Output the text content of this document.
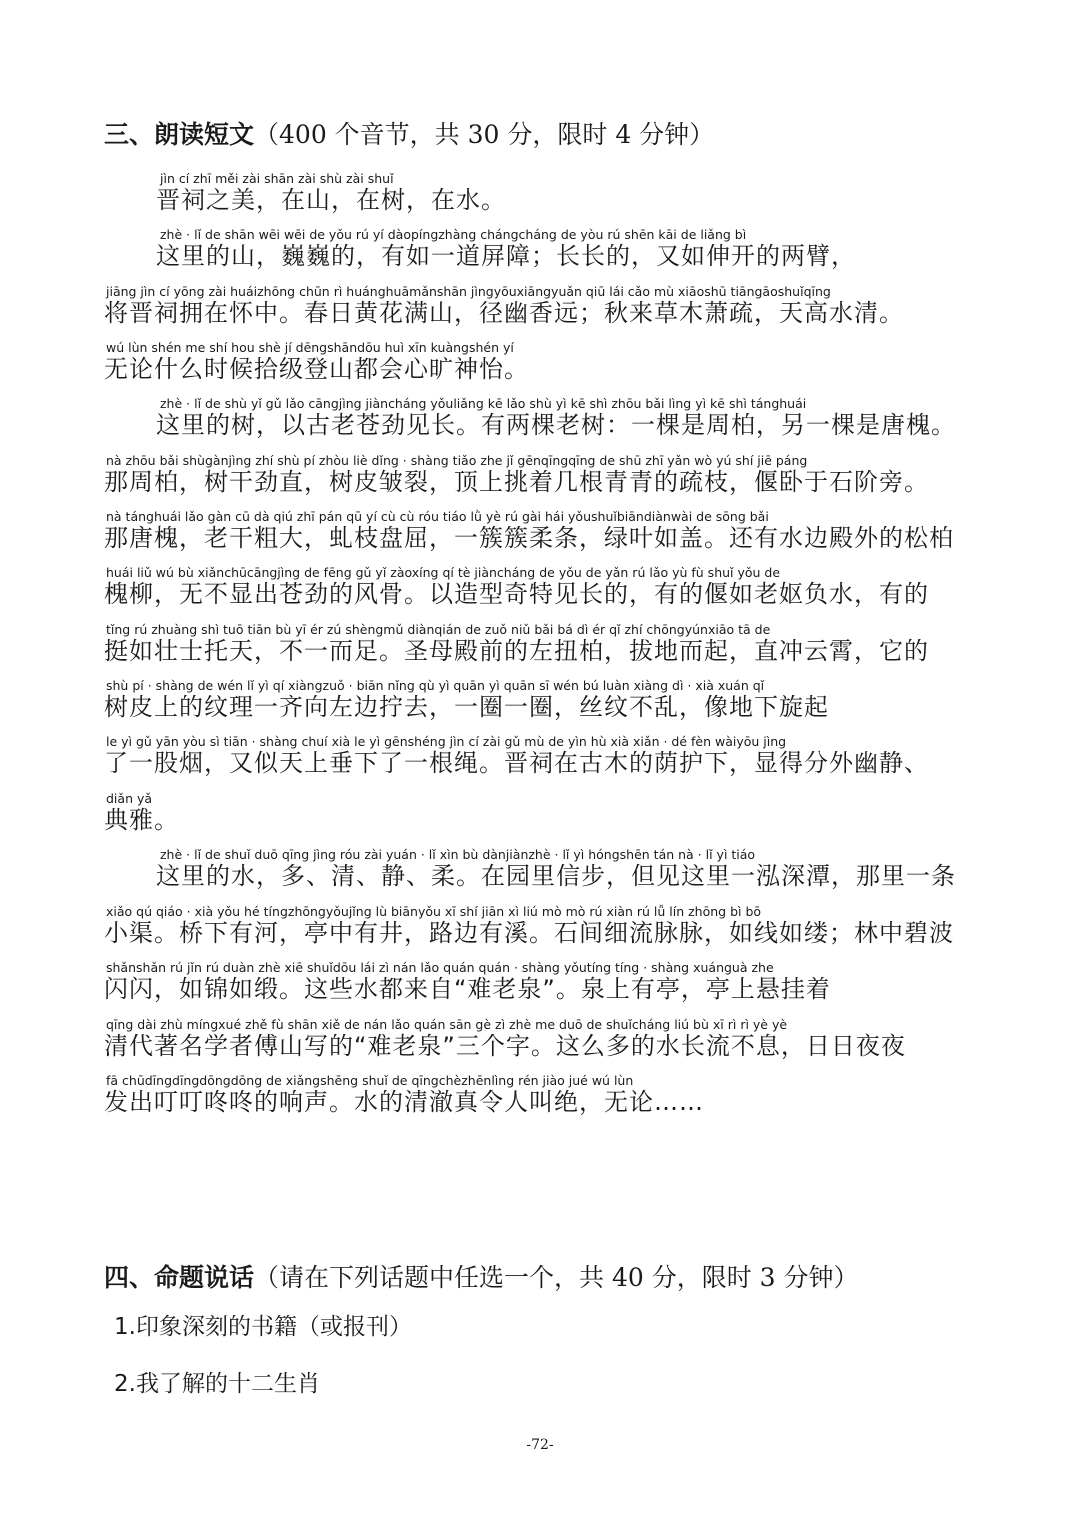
三、朗读短文（400 个音节，共 30 分，限时 4 分钟）
jìn cí zhī měi zài shān zài shù zài shuǐ
晋祠之美，在山，在树，在水。
zhè · lǐ de shān wēi wēi de yǒu rú yí dàopíngzhàng chángcháng de yòu rú shēn kāi de liǎng bì
这里的山，巍巍的，有如一道屏障；长长的，又如伸开的两臂，
jiāng jìn cí yōng zài huáizhōng chūn rì huánghuāmǎnshān jìngyōuxiāngyuǎn qiū lái cǎo mù xiāoshū tiāngāoshuǐqīng
将晋祠拥在怀中。春日黄花满山，径幽香远；秋来草木萧疏，天高水清。
wú lùn shén me shí hou shè jí dēngshāndōu huì xīn kuàngshén yí
无论什么时候拾级登山都会心旷神怡。
zhè · lǐ de shù yǐ gǔ lǎo cāngjìng jiàncháng yǒuliǎng kē lǎo shù yì kē shì zhōu bǎi lìng yì kē shì tánghuái
这里的树，以古老苍劲见长。有两棵老树：一棵是周柏，另一棵是唐槐。
nà zhōu bǎi shùgànjìng zhí shù pí zhòu liè dǐng · shàng tiǎo zhe jǐ gēnqīngqīng de shū zhī yǎn wò yú shí jiē páng
那周柏，树干劲直，树皮皱裂，顶上挑着几根青青的疏枝，偃卧于石阶旁。
nà tánghuái lǎo gàn cū dà qiú zhī pán qū yí cù cù róu tiáo lǜ yè rú gài hái yǒushuǐbiāndiànwài de sōng bǎi
那唐槐，老干粗大，虬枝盘屈，一簇簇柔条，绿叶如盖。还有水边殿外的松柏
huái liǔ wú bù xiǎnchūcāngjìng de fēng gǔ yǐ zàoxíng qí tè jiàncháng de yǒu de yǎn rú lǎo yù fù shuǐ yǒu de
槐柳，无不显出苍劲的风骨。以造型奇特见长的，有的偃如老妪负水，有的
tǐng rú zhuàng shì tuō tiān bù yī ér zú shèngmǔ diànqián de zuǒ niǔ bǎi bá dì ér qǐ zhí chōngyúnxiāo tā de
挺如壮士托天，不一而足。圣母殿前的左扭柏，拔地而起，直冲云霄，它的
shù pí · shàng de wén lǐ yì qí xiàngzuǒ · biān nǐng qù yì quān yì quān sī wén bú luàn xiàng dì · xià xuán qǐ
树皮上的纹理一齐向左边拧去，一圈一圈，丝纹不乱，像地下旋起
le yì gǔ yān yòu sì tiān · shàng chuí xià le yì gēnshéng jìn cí zài gǔ mù de yìn hù xià xiǎn · dé fèn wàiyōu jìng
了一股烟，又似天上垂下了一根绳。晋祠在古木的荫护下，显得分外幽静、
diǎn yǎ
典雅。
zhè · lǐ de shuǐ duō qīng jìng róu zài yuán · lǐ xìn bù dànjiànzhè · lǐ yì hóngshēn tán nà · lǐ yì tiáo
这里的水，多、清、静、柔。在园里信步，但见这里一泓深潭，那里一条
xiǎo qú qiáo · xià yǒu hé tíngzhōngyǒujǐng lù biānyǒu xī shí jiān xì liú mò mò rú xiàn rú lǚ lín zhōng bì bō
小渠。桥下有河，亭中有井，路边有溪。石间细流脉脉，如线如缕；林中碧波
shǎnshǎn rú jǐn rú duàn zhè xiē shuǐdōu lái zì nán lǎo quán quán · shàng yǒutíng tíng · shàng xuánguà zhe
闪闪，如锦如缎。这些水都来自“难老泉”。泉上有亭，亭上悬挂着
qīng dài zhù míngxué zhě fù shān xiě de nán lǎo quán sān gè zì zhè me duō de shuǐcháng liú bù xī rì rì yè yè
清代著名学者傅山写的“难老泉”三个字。这么多的水长流不息，日日夜夜
fā chūdīngdīngdōngdōng de xiǎngshēng shuǐ de qīngchèzhēnlìng rén jiào jué wú lùn
发出叮叮咚咚的响声。水的清澈真令人叫绝，无论……
四、命题说话（请在下列话题中任选一个，共 40 分，限时 3 分钟）
1.印象深刻的书籍（或报刊）
2.我了解的十二生肖
-72-
